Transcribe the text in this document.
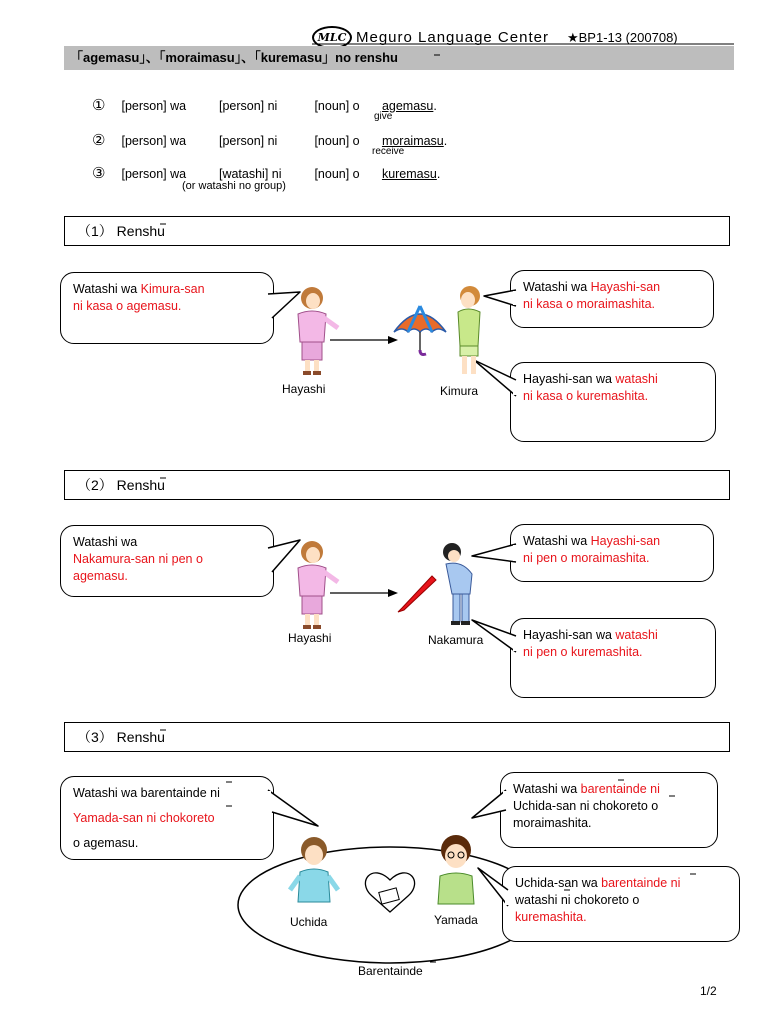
MLC Meguro Language Center ★BP1-13 (200708)
「agemasu」、「moraimasu」、「kuremasu」no renshu
① [person] wa	[person] ni	[noun] o agemasu.
give
② [person] wa	[person] ni	[noun] o moraimasu.
receive
③ [person] wa	[watashi] ni	[noun] o kuremasu.
(or watashi no group)
（1） Renshu
Watashi wa Kimura-san
ni kasa o agemasu.
Watashi wa Hayashi-san
ni kasa o moraimashita.
Hayashi-san wa watashi
ni kasa o kuremashita.
Hayashi	Kimura
（2） Renshu
Watashi wa
Nakamura-san ni pen o
agemasu.
Watashi wa Hayashi-san
ni pen o moraimashita.
Hayashi-san wa watashi
ni pen o kuremashita.
Hayashi	Nakamura
（3） Renshu
Watashi wa barentainde ni
Yamada-san ni chokoreto
o agemasu.
Watashi wa barentainde ni
Uchida-san ni chokoreto o
moraimashita.
Uchida-san wa barentainde ni
watashi ni chokoreto o
kuremashita.
Uchida	Yamada
Barentainde
1/2
